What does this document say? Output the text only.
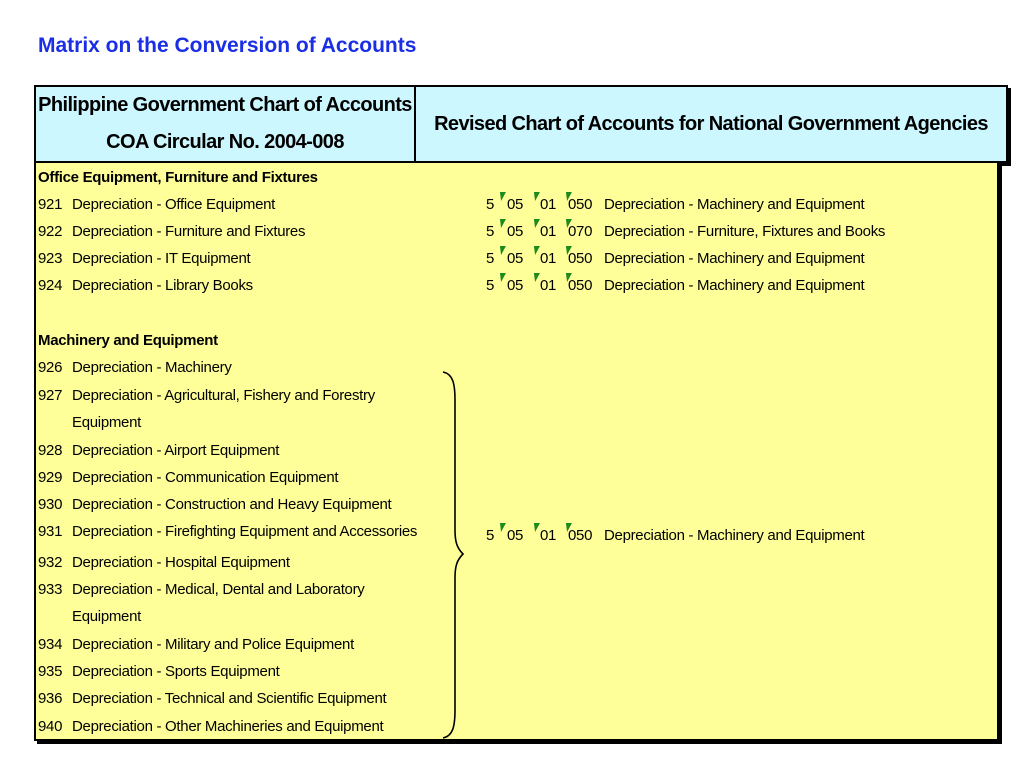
Matrix on the Conversion of Accounts
Philippine Government Chart of Accounts
COA Circular No. 2004-008
Revised Chart of Accounts for National Government Agencies
Office Equipment, Furniture and Fixtures
921 Depreciation - Office Equipment
922 Depreciation - Furniture and Fixtures
923 Depreciation - IT Equipment
924 Depreciation - Library Books
5 05 01 050 Depreciation - Machinery and Equipment
5 05 01 070 Depreciation - Furniture, Fixtures and Books
5 05 01 050 Depreciation - Machinery and Equipment
5 05 01 050 Depreciation - Machinery and Equipment
Machinery and Equipment
926 Depreciation - Machinery
927 Depreciation - Agricultural, Fishery and Forestry
Equipment
928 Depreciation - Airport Equipment
929 Depreciation - Communication Equipment
930 Depreciation - Construction and Heavy Equipment
931 Depreciation - Firefighting Equipment and Accessories
932 Depreciation - Hospital Equipment
933 Depreciation - Medical, Dental and Laboratory
Equipment
934 Depreciation - Military and Police Equipment
935 Depreciation - Sports Equipment
936 Depreciation - Technical and Scientific Equipment
940 Depreciation - Other Machineries and Equipment
5 05 01 050 Depreciation - Machinery and Equipment
